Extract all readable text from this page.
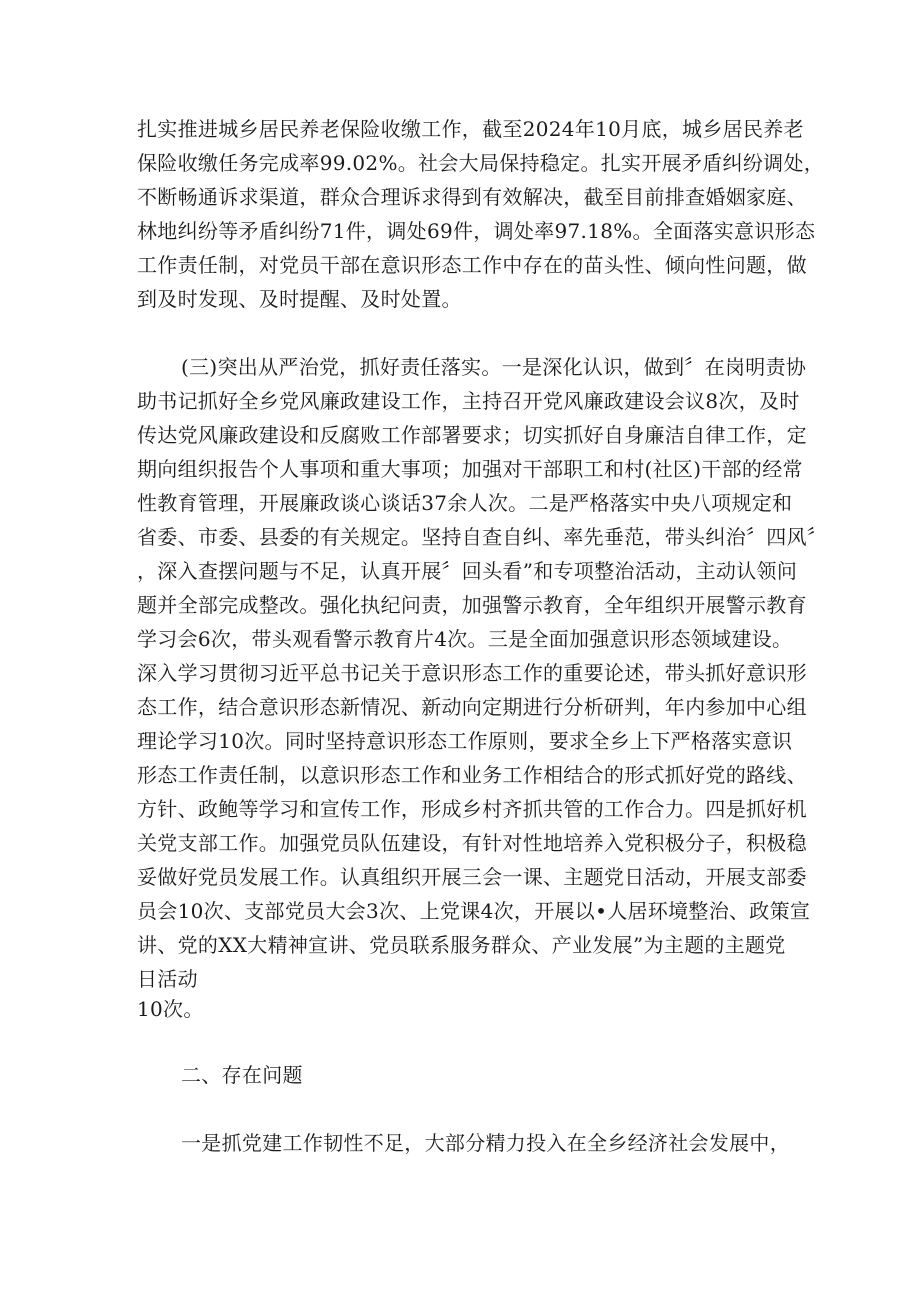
扎实推进城乡居民养老保险收缴工作，截至2024年10月底，城乡居民养老
保险收缴任务完成率99.02%。社会大局保持稳定。扎实开展矛盾纠纷调处，
不断畅通诉求渠道，群众合理诉求得到有效解决，截至目前排查婚姻家庭、
林地纠纷等矛盾纠纷71件，调处69件，调处率97.18%。全面落实意识形态
工作责任制，对党员干部在意识形态工作中存在的苗头性、倾向性问题，做
到及时发现、及时提醒、及时处置。
(三)突出从严治党，抓好责任落实。一是深化认识，做到〞在岗明责协
助书记抓好全乡党风廉政建设工作，主持召开党风廉政建设会议8次，及时
传达党风廉政建设和反腐败工作部署要求；切实抓好自身廉洁自律工作，定
期向组织报告个人事项和重大事项；加强对干部职工和村(社区)干部的经常
性教育管理，开展廉政谈心谈话37余人次。二是严格落实中央八项规定和
省委、市委、县委的有关规定。坚持自查自纠、率先垂范，带头纠治〞四风〞
，深入查摆问题与不足，认真开展〞回头看”和专项整治活动，主动认领问
题并全部完成整改。强化执纪问责，加强警示教育，全年组织开展警示教育
学习会6次，带头观看警示教育片4次。三是全面加强意识形态领域建设。
深入学习贯彻习近平总书记关于意识形态工作的重要论述，带头抓好意识形
态工作，结合意识形态新情况、新动向定期进行分析研判，年内参加中心组
理论学习10次。同时坚持意识形态工作原则，要求全乡上下严格落实意识
形态工作责任制，以意识形态工作和业务工作相结合的形式抓好党的路线、
方针、政鲍等学习和宣传工作，形成乡村齐抓共管的工作合力。四是抓好机
关党支部工作。加强党员队伍建设，有针对性地培养入党积极分子，积极稳
妥做好党员发展工作。认真组织开展三会一课、主题党日活动，开展支部委
员会10次、支部党员大会3次、上党课4次，开展以•人居环境整治、政策宣
讲、党的XX大精神宣讲、党员联系服务群众、产业发展”为主题的主题党
日活动
10次。
二、存在问题
一是抓党建工作韧性不足，大部分精力投入在全乡经济社会发展中，
